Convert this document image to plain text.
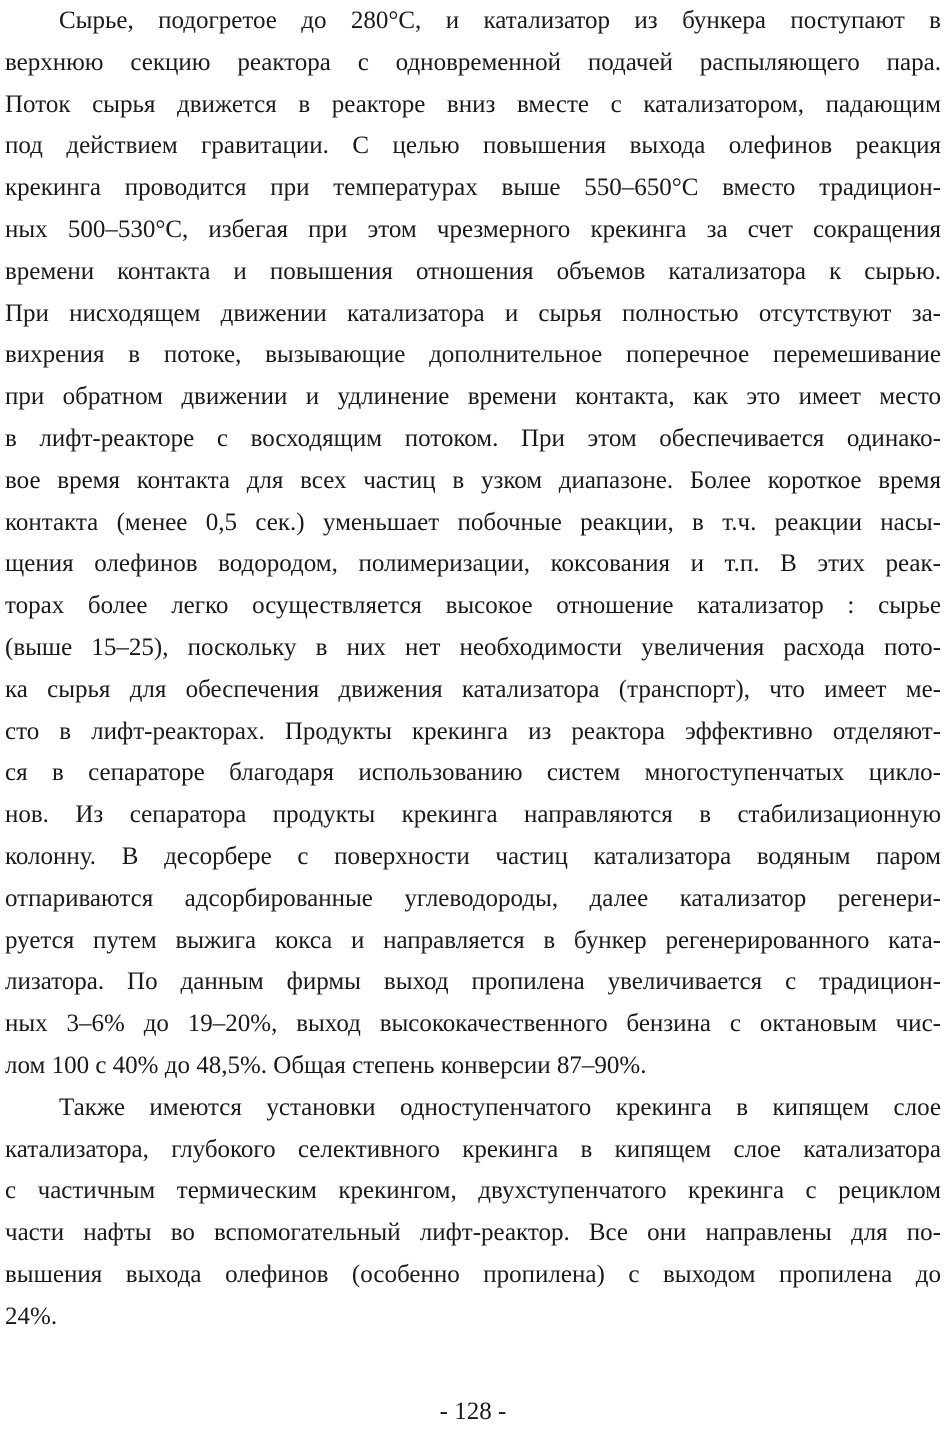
Сырье, подогретое до 280°С, и катализатор из бункера поступают в
верхнюю секцию реактора с одновременной подачей распыляющего пара.
Поток сырья движется в реакторе вниз вместе с катализатором, падающим
под действием гравитации. С целью повышения выхода олефинов реакция
крекинга проводится при температурах выше 550–650°С вместо традицион-
ных 500–530°С, избегая при этом чрезмерного крекинга за счет сокращения
времени контакта и повышения отношения объемов катализатора к сырью.
При нисходящем движении катализатора и сырья полностью отсутствуют за-
вихрения в потоке, вызывающие дополнительное поперечное перемешивание
при обратном движении и удлинение времени контакта, как это имеет место
в лифт-реакторе с восходящим потоком. При этом обеспечивается одинако-
вое время контакта для всех частиц в узком диапазоне. Более короткое время
контакта (менее 0,5 сек.) уменьшает побочные реакции, в т.ч. реакции насы-
щения олефинов водородом, полимеризации, коксования и т.п. В этих реак-
торах более легко осуществляется высокое отношение катализатор : сырье
(выше 15–25), поскольку в них нет необходимости увеличения расхода пото-
ка сырья для обеспечения движения катализатора (транспорт), что имеет ме-
сто в лифт-реакторах. Продукты крекинга из реактора эффективно отделяют-
ся в сепараторе благодаря использованию систем многоступенчатых цикло-
нов. Из сепаратора продукты крекинга направляются в стабилизационную
колонну. В десорбере с поверхности частиц катализатора водяным паром
отпариваются адсорбированные углеводороды, далее катализатор регенери-
руется путем выжига кокса и направляется в бункер регенерированного ката-
лизатора. По данным фирмы выход пропилена увеличивается с традицион-
ных 3–6% до 19–20%, выход высококачественного бензина с октановым чис-
лом 100 с 40% до 48,5%. Общая степень конверсии 87–90%.
Также имеются установки одноступенчатого крекинга в кипящем слое
катализатора, глубокого селективного крекинга в кипящем слое катализатора
с частичным термическим крекингом, двухступенчатого крекинга с рециклом
части нафты во вспомогательный лифт-реактор. Все они направлены для по-
вышения выхода олефинов (особенно пропилена) с выходом пропилена до
24%.
- 128 -
